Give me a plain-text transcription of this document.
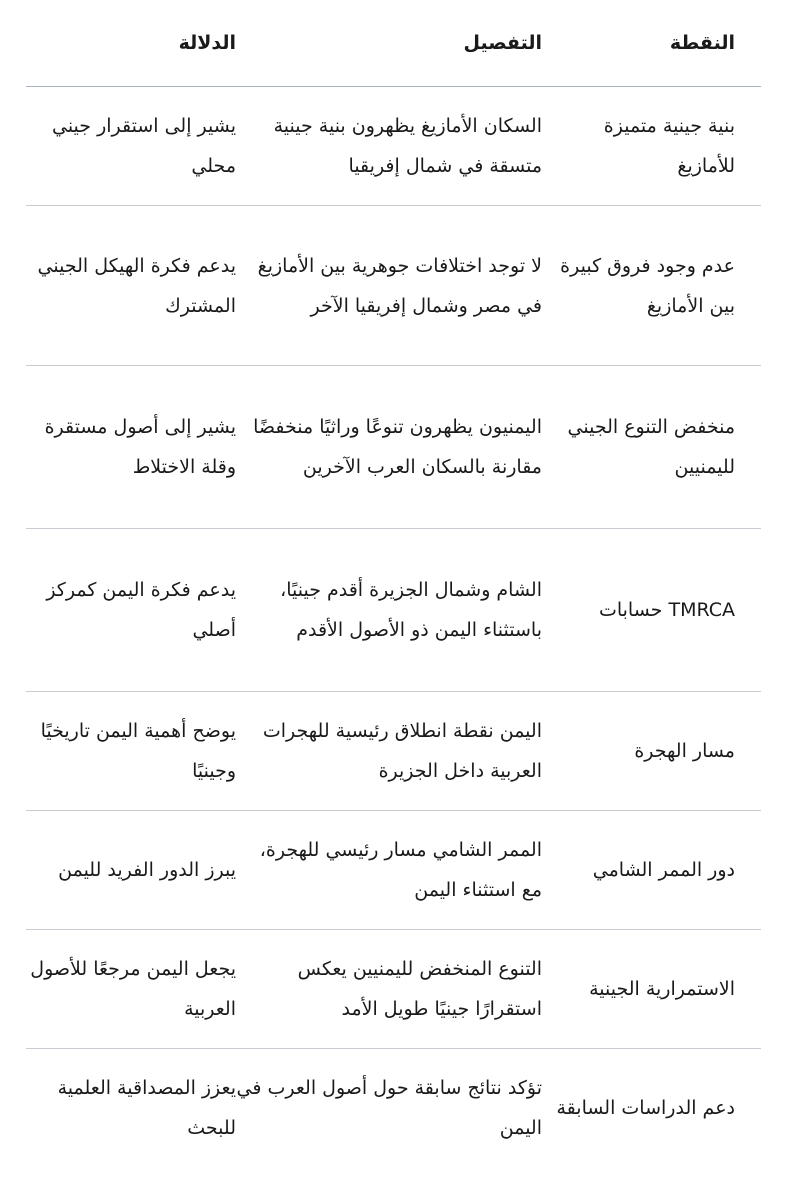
الدلالة	التفصيل	النقطة
يشير إلى استقرار جيني محلي	السكان الأمازيغ يظهرون بنية جينية متسقة في شمال إفريقيا	بنية جينية متميزة للأمازيغ
يدعم فكرة الهيكل الجيني المشترك	لا توجد اختلافات جوهرية بين الأمازيغ في مصر وشمال إفريقيا الآخر	عدم وجود فروق كبيرة بين الأمازيغ
يشير إلى أصول مستقرة وقلة الاختلاط	اليمنيون يظهرون تنوعًا وراثيًا منخفضًا مقارنة بالسكان العرب الآخرين	منخفض التنوع الجيني لليمنيين
يدعم فكرة اليمن كمركز أصلي	الشام وشمال الجزيرة أقدم جينيًا، باستثناء اليمن ذو الأصول الأقدم	TMRCA حسابات
يوضح أهمية اليمن تاريخيًا وجينيًا	اليمن نقطة انطلاق رئيسية للهجرات العربية داخل الجزيرة	مسار الهجرة
يبرز الدور الفريد لليمن	الممر الشامي مسار رئيسي للهجرة، مع استثناء اليمن	دور الممر الشامي
يجعل اليمن مرجعًا للأصول العربية	التنوع المنخفض لليمنيين يعكس استقرارًا جينيًا طويل الأمد	الاستمرارية الجينية
يعزز المصداقية العلمية للبحث	تؤكد نتائج سابقة حول أصول العرب في اليمن	دعم الدراسات السابقة
